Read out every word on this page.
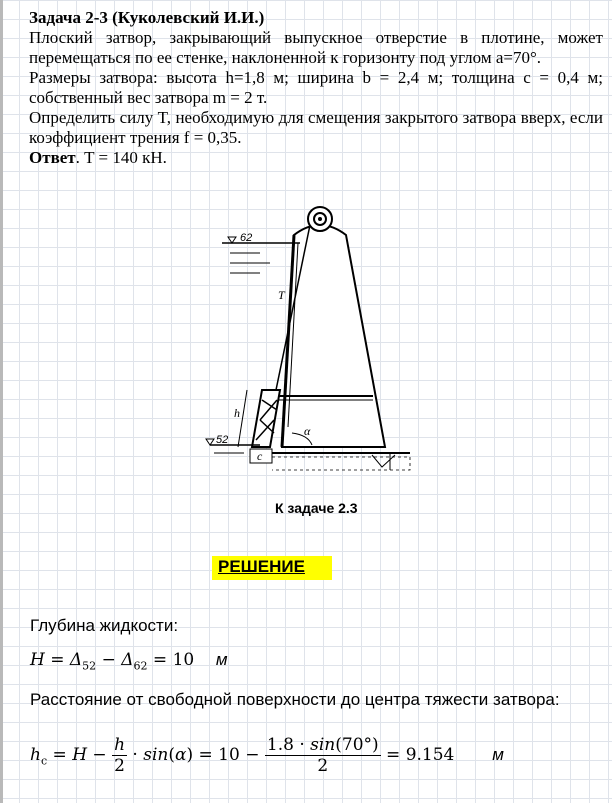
Задача 2-3 (Куколевский И.И.)

Плоский затвор, закрывающий выпускное отверстие в плотине, может перемещаться по ее стенке, наклоненной к горизонту под углом а=70°.

Размеры затвора: высота h=1,8 м; ширина b = 2,4 м; толщина с = 0,4 м; собственный вес затвора m = 2 т.

Определить силу T, необходимую для смещения закрытого затвора вверх, если коэффициент трения f = 0,35.

Ответ. T = 140 кН.

62
h
T
α
52
c
К задаче 2.3
РЕШЕНИЕ
Глубина жидкости:
$H = \Delta_{52} - \Delta_{62} = 10$    м
Расстояние от свободной поверхности до центра тяжести затвора:
$h_c = H - \frac{h}{2} \cdot \sin(\alpha) = 10 - \frac{1.8 \cdot \sin(70^\circ)}{2} = 9.154$       м
